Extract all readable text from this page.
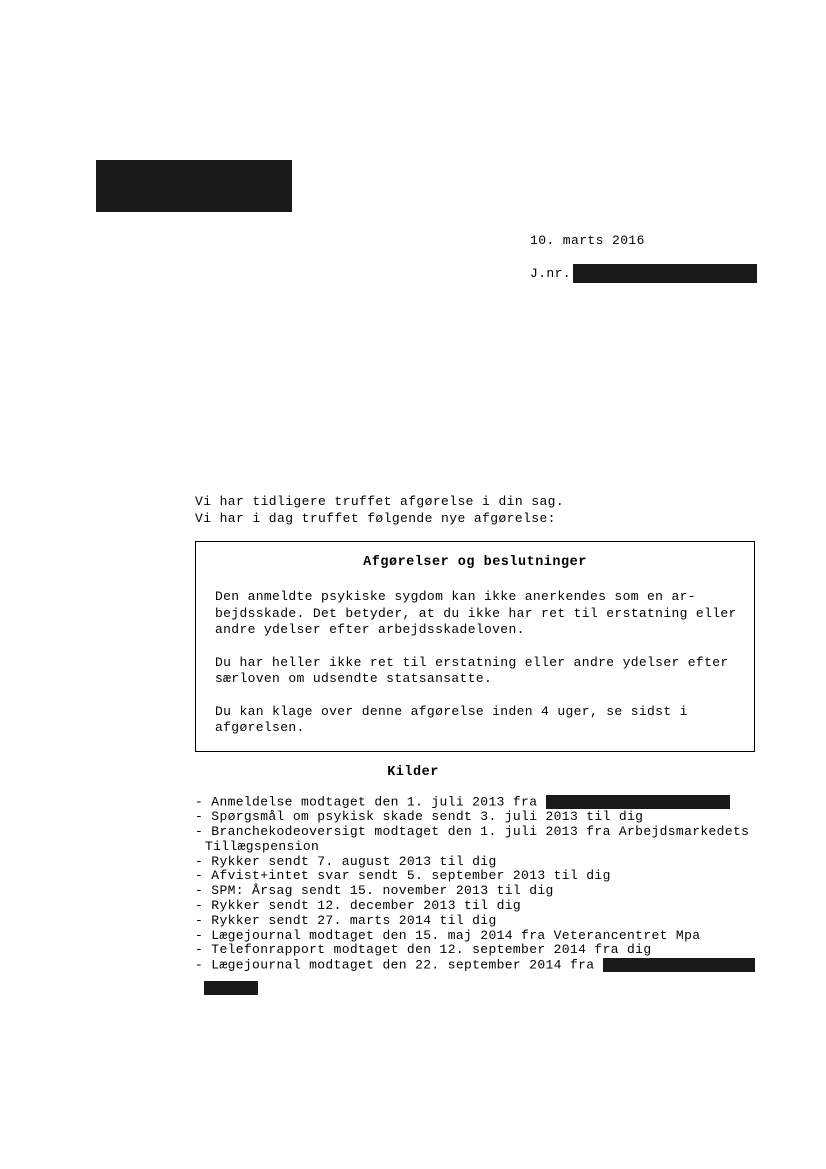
10. marts 2016
J.nr.
Vi har tidligere truffet afgørelse i din sag.
Vi har i dag truffet følgende nye afgørelse:
Afgørelser og beslutninger

Den anmeldte psykiske sygdom kan ikke anerkendes som en ar-bejdsskade. Det betyder, at du ikke har ret til erstatning eller andre ydelser efter arbejdsskadeloven.

Du har heller ikke ret til erstatning eller andre ydelser efter særloven om udsendte statsansatte.

Du kan klage over denne afgørelse inden 4 uger, se sidst i afgørelsen.

Kilder
- Anmeldelse modtaget den 1. juli 2013 fra
- Spørgsmål om psykisk skade sendt 3. juli 2013 til dig
- Branchekodeoversigt modtaget den 1. juli 2013 fra Arbejdsmarkedets
Tillægspension
- Rykker sendt 7. august 2013 til dig
- Afvist+intet svar sendt 5. september 2013 til dig
- SPM: Årsag sendt 15. november 2013 til dig
- Rykker sendt 12. december 2013 til dig
- Rykker sendt 27. marts 2014 til dig
- Lægejournal modtaget den 15. maj 2014 fra Veterancentret Mpa
- Telefonrapport modtaget den 12. september 2014 fra dig
- Lægejournal modtaget den 22. september 2014 fra
